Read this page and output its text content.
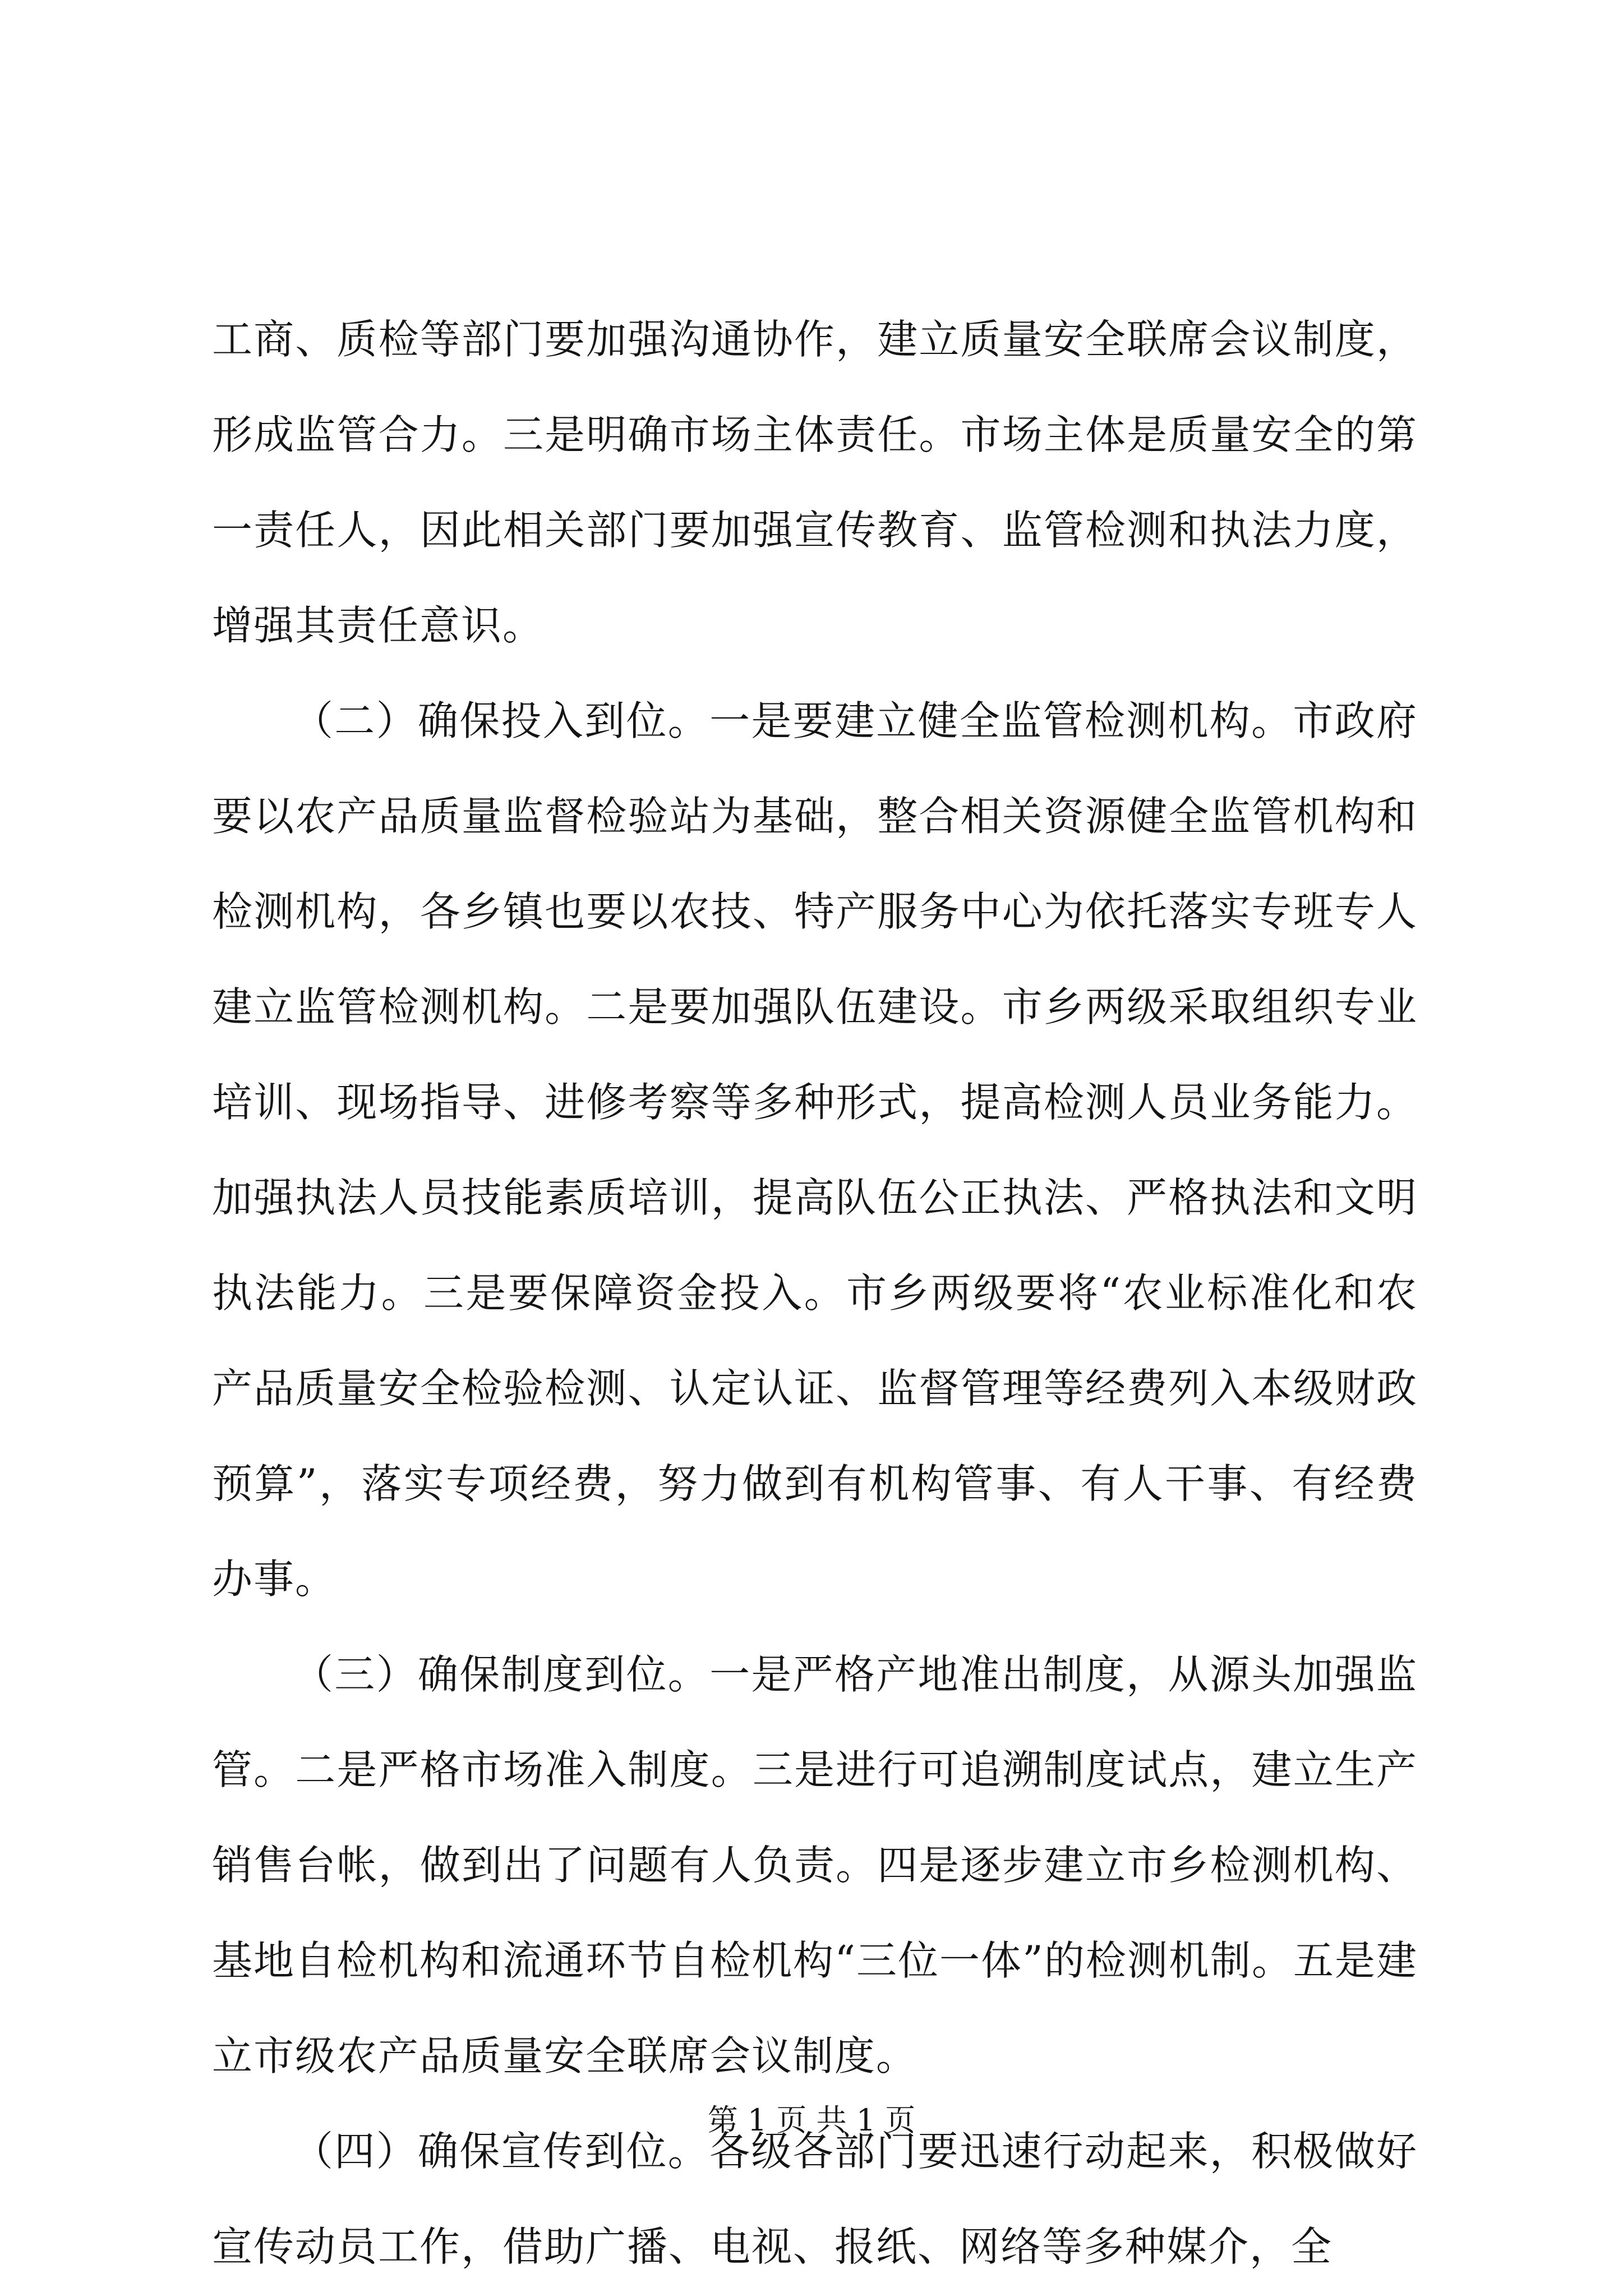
工商、质检等部门要加强沟通协作，建立质量安全联席会议制度，形成监管合力。三是明确市场主体责任。市场主体是质量安全的第一责任人，因此相关部门要加强宣传教育、监管检测和执法力度，增强其责任意识。

（二）确保投入到位。一是要建立健全监管检测机构。市政府要以农产品质量监督检验站为基础，整合相关资源健全监管机构和检测机构，各乡镇也要以农技、特产服务中心为依托落实专班专人建立监管检测机构。二是要加强队伍建设。市乡两级采取组织专业培训、现场指导、进修考察等多种形式，提高检测人员业务能力。加强执法人员技能素质培训，提高队伍公正执法、严格执法和文明执法能力。三是要保障资金投入。市乡两级要将“农业标准化和农产品质量安全检验检测、认定认证、监督管理等经费列入本级财政预算”，落实专项经费，努力做到有机构管事、有人干事、有经费办事。

（三）确保制度到位。一是严格产地准出制度，从源头加强监管。二是严格市场准入制度。三是进行可追溯制度试点，建立生产销售台帐，做到出了问题有人负责。四是逐步建立市乡检测机构、基地自检机构和流通环节自检机构“三位一体”的检测机制。五是建立市级农产品质量安全联席会议制度。

（四）确保宣传到位。各级各部门要迅速行动起来，积极做好宣传动员工作，借助广播、电视、报纸、网络等多种媒介，全

第 1 页 共 1 页
